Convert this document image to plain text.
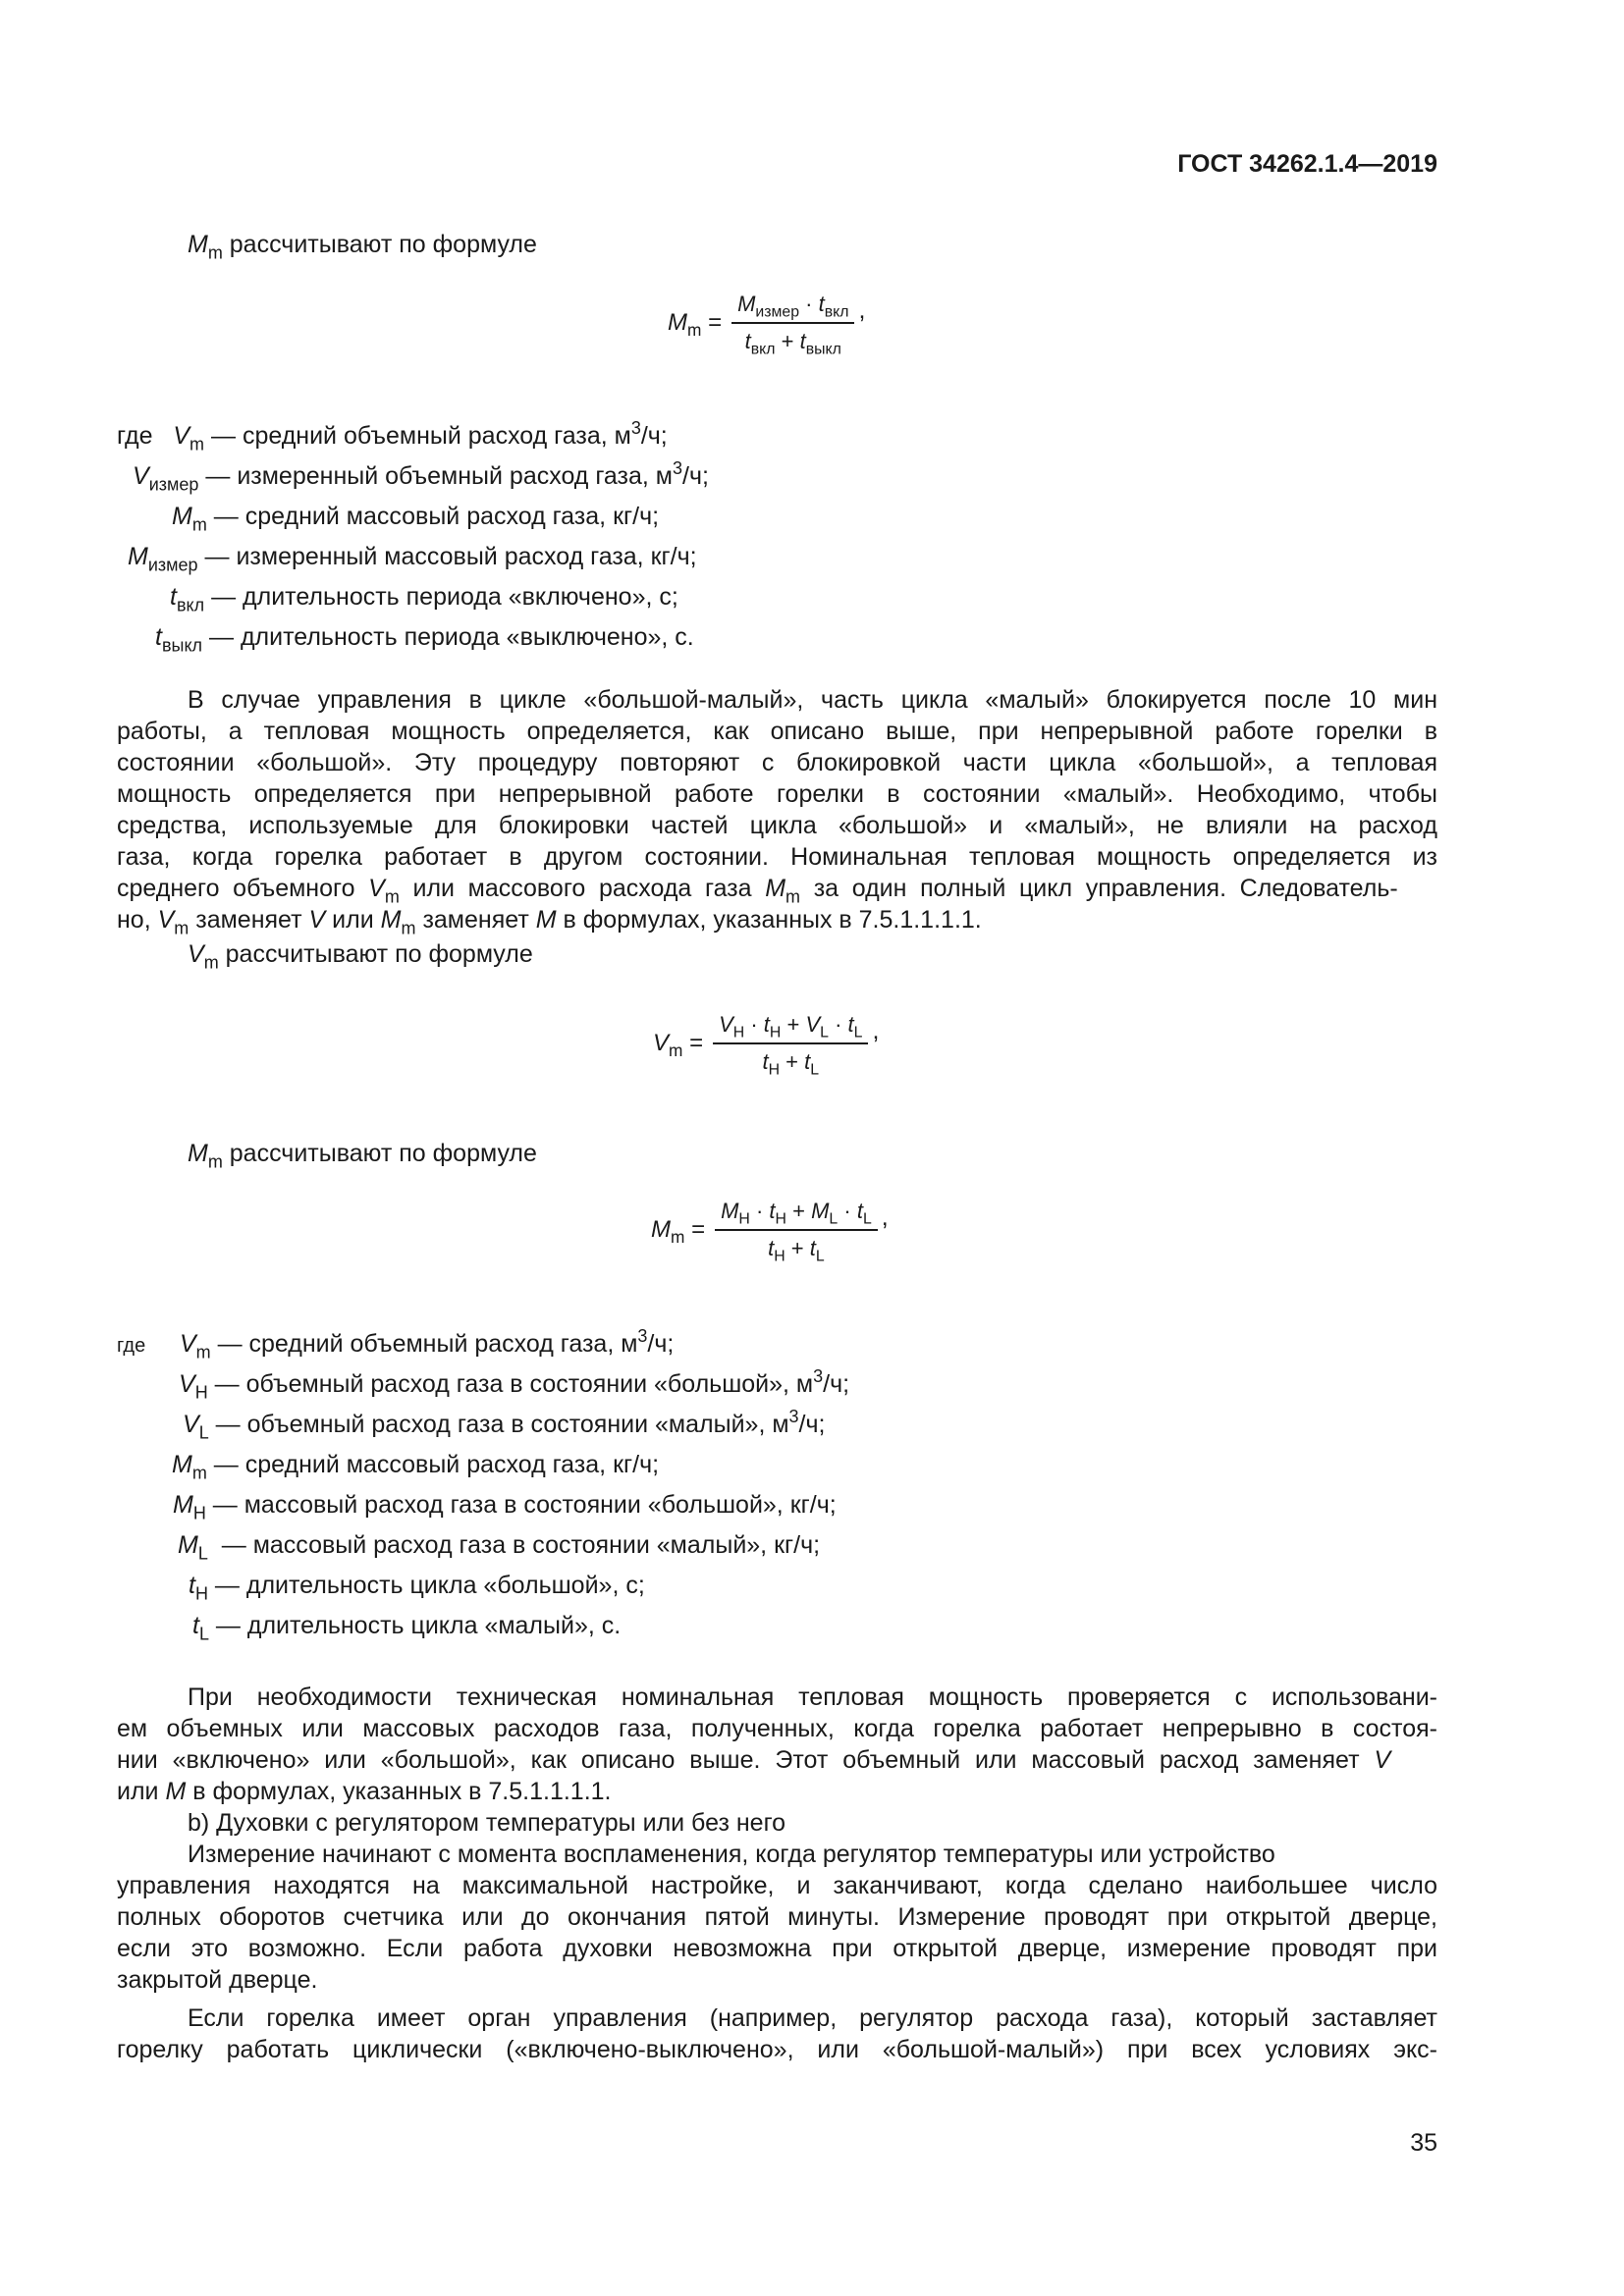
ГОСТ 34262.1.4—2019
$M_m$ рассчитывают по формуле
$M_m = \frac{M_{измер} \cdot t_{вкл}}{t_{вкл} + t_{выкл}}$ ,
где $V_m$ — средний объемный расход газа, $м^3/ч$;
$V_{измер}$ — измеренный объемный расход газа, $м^3/ч$;
$M_m$ — средний массовый расход газа, кг/ч;
$M_{измер}$ — измеренный массовый расход газа, кг/ч;
$t_{вкл}$ — длительность периода «включено», с;
$t_{выкл}$ — длительность периода «выключено», с.
В случае управления в цикле «большой-малый», часть цикла «малый» блокируется после 10 мин
работы, а тепловая мощность определяется, как описано выше, при непрерывной работе горелки в
состоянии «большой». Эту процедуру повторяют с блокировкой части цикла «большой», а тепловая
мощность определяется при непрерывной работе горелки в состоянии «малый». Необходимо, чтобы
средства, используемые для блокировки частей цикла «большой» и «малый», не влияли на расход
газа, когда горелка работает в другом состоянии. Номинальная тепловая мощность определяется из
среднего объемного $V_m$ или массового расхода газа $M_m$ за один полный цикл управления. Следователь-
но, $V_m$ заменяет V или $M_m$ заменяет M в формулах, указанных в 7.5.1.1.1.1.
$V_m$ рассчитывают по формуле
$V_m = \frac{V_H \cdot t_H + V_L \cdot t_L}{t_H + t_L}$ ,
$M_m$ рассчитывают по формуле
$M_m = \frac{M_H \cdot t_H + M_L \cdot t_L}{t_H + t_L}$ ,
где $V_m$ — средний объемный расход газа, $м^3/ч$;
$V_H$ — объемный расход газа в состоянии «большой», $м^3/ч$;
$V_L$ — объемный расход газа в состоянии «малый», $м^3/ч$;
$M_m$ — средний массовый расход газа, кг/ч;
$M_H$ — массовый расход газа в состоянии «большой», кг/ч;
$M_L$ — массовый расход газа в состоянии «малый», кг/ч;
$t_H$ — длительность цикла «большой», с;
$t_L$ — длительность цикла «малый», с.
При необходимости техническая номинальная тепловая мощность проверяется с использовани-
ем объемных или массовых расходов газа, полученных, когда горелка работает непрерывно в состоя-
нии «включено» или «большой», как описано выше. Этот объемный или массовый расход заменяет V
или M в формулах, указанных в 7.5.1.1.1.1.
b) Духовки с регулятором температуры или без него
Измерение начинают с момента воспламенения, когда регулятор температуры или устройство
управления находятся на максимальной настройке, и заканчивают, когда сделано наибольшее число
полных оборотов счетчика или до окончания пятой минуты. Измерение проводят при открытой дверце,
если это возможно. Если работа духовки невозможна при открытой дверце, измерение проводят при
закрытой дверце.
Если горелка имеет орган управления (например, регулятор расхода газа), который заставляет
горелку работать циклически («включено-выключено», или «большой-малый») при всех условиях экс-
35
